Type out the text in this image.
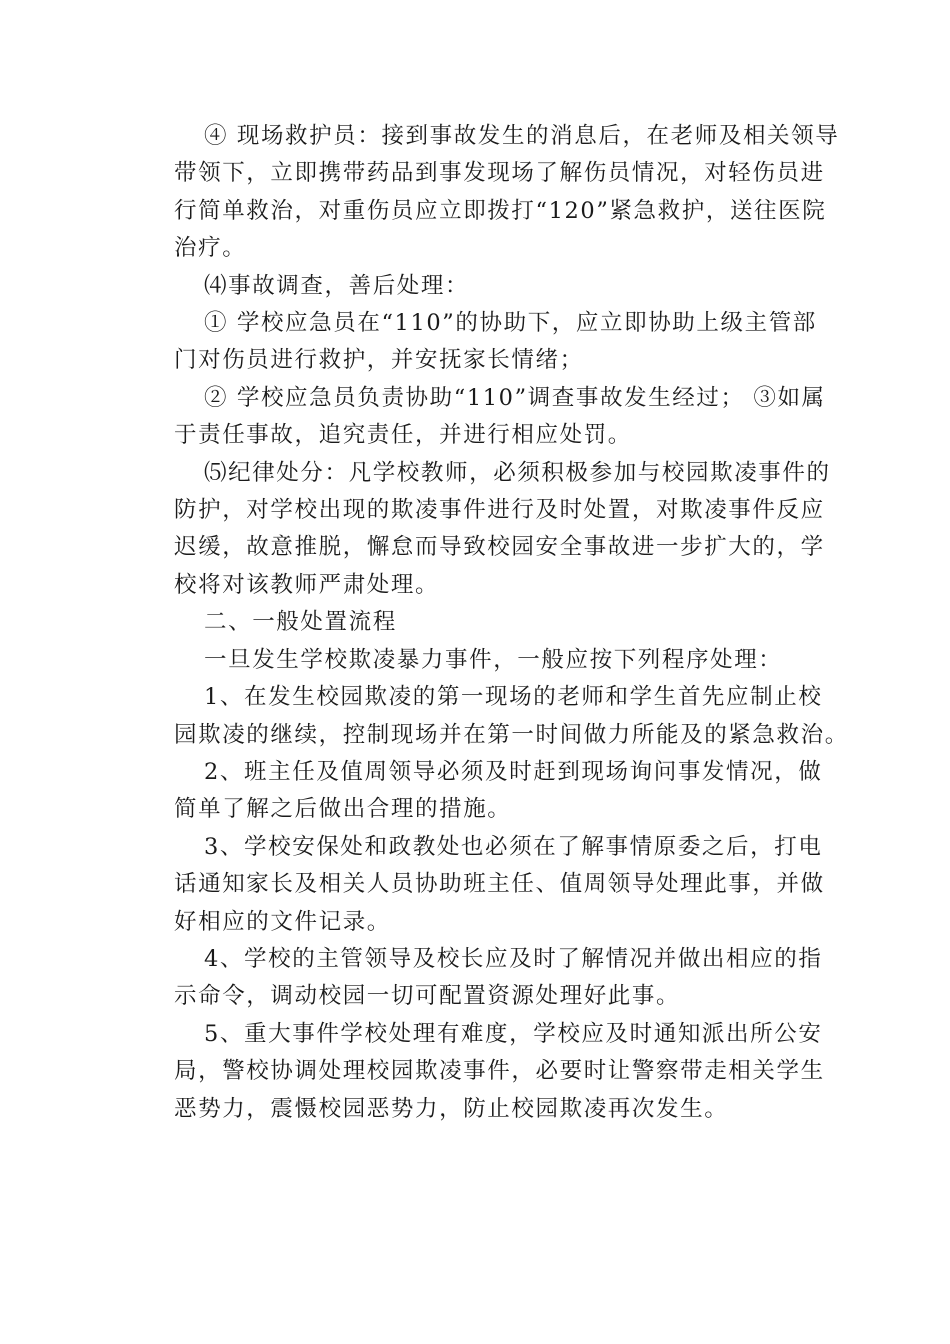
④ 现场救护员：接到事故发生的消息后，在老师及相关领导
带领下，立即携带药品到事发现场了解伤员情况，对轻伤员进
行简单救治，对重伤员应立即拨打“120”紧急救护，送往医院
治疗。

⑷事故调查，善后处理：

① 学校应急员在“110”的协助下，应立即协助上级主管部
门对伤员进行救护，并安抚家长情绪；

② 学校应急员负责协助“110”调查事故发生经过； ③如属
于责任事故，追究责任，并进行相应处罚。

⑸纪律处分：凡学校教师，必须积极参加与校园欺凌事件的
防护，对学校出现的欺凌事件进行及时处置，对欺凌事件反应
迟缓，故意推脱，懈怠而导致校园安全事故进一步扩大的，学
校将对该教师严肃处理。

二、一般处置流程

一旦发生学校欺凌暴力事件，一般应按下列程序处理：

1、在发生校园欺凌的第一现场的老师和学生首先应制止校
园欺凌的继续，控制现场并在第一时间做力所能及的紧急救治。

2、班主任及值周领导必须及时赶到现场询问事发情况，做
简单了解之后做出合理的措施。

3、学校安保处和政教处也必须在了解事情原委之后，打电
话通知家长及相关人员协助班主任、值周领导处理此事，并做
好相应的文件记录。

4、学校的主管领导及校长应及时了解情况并做出相应的指
示命令，调动校园一切可配置资源处理好此事。

5、重大事件学校处理有难度，学校应及时通知派出所公安
局，警校协调处理校园欺凌事件，必要时让警察带走相关学生
恶势力，震慑校园恶势力，防止校园欺凌再次发生。
